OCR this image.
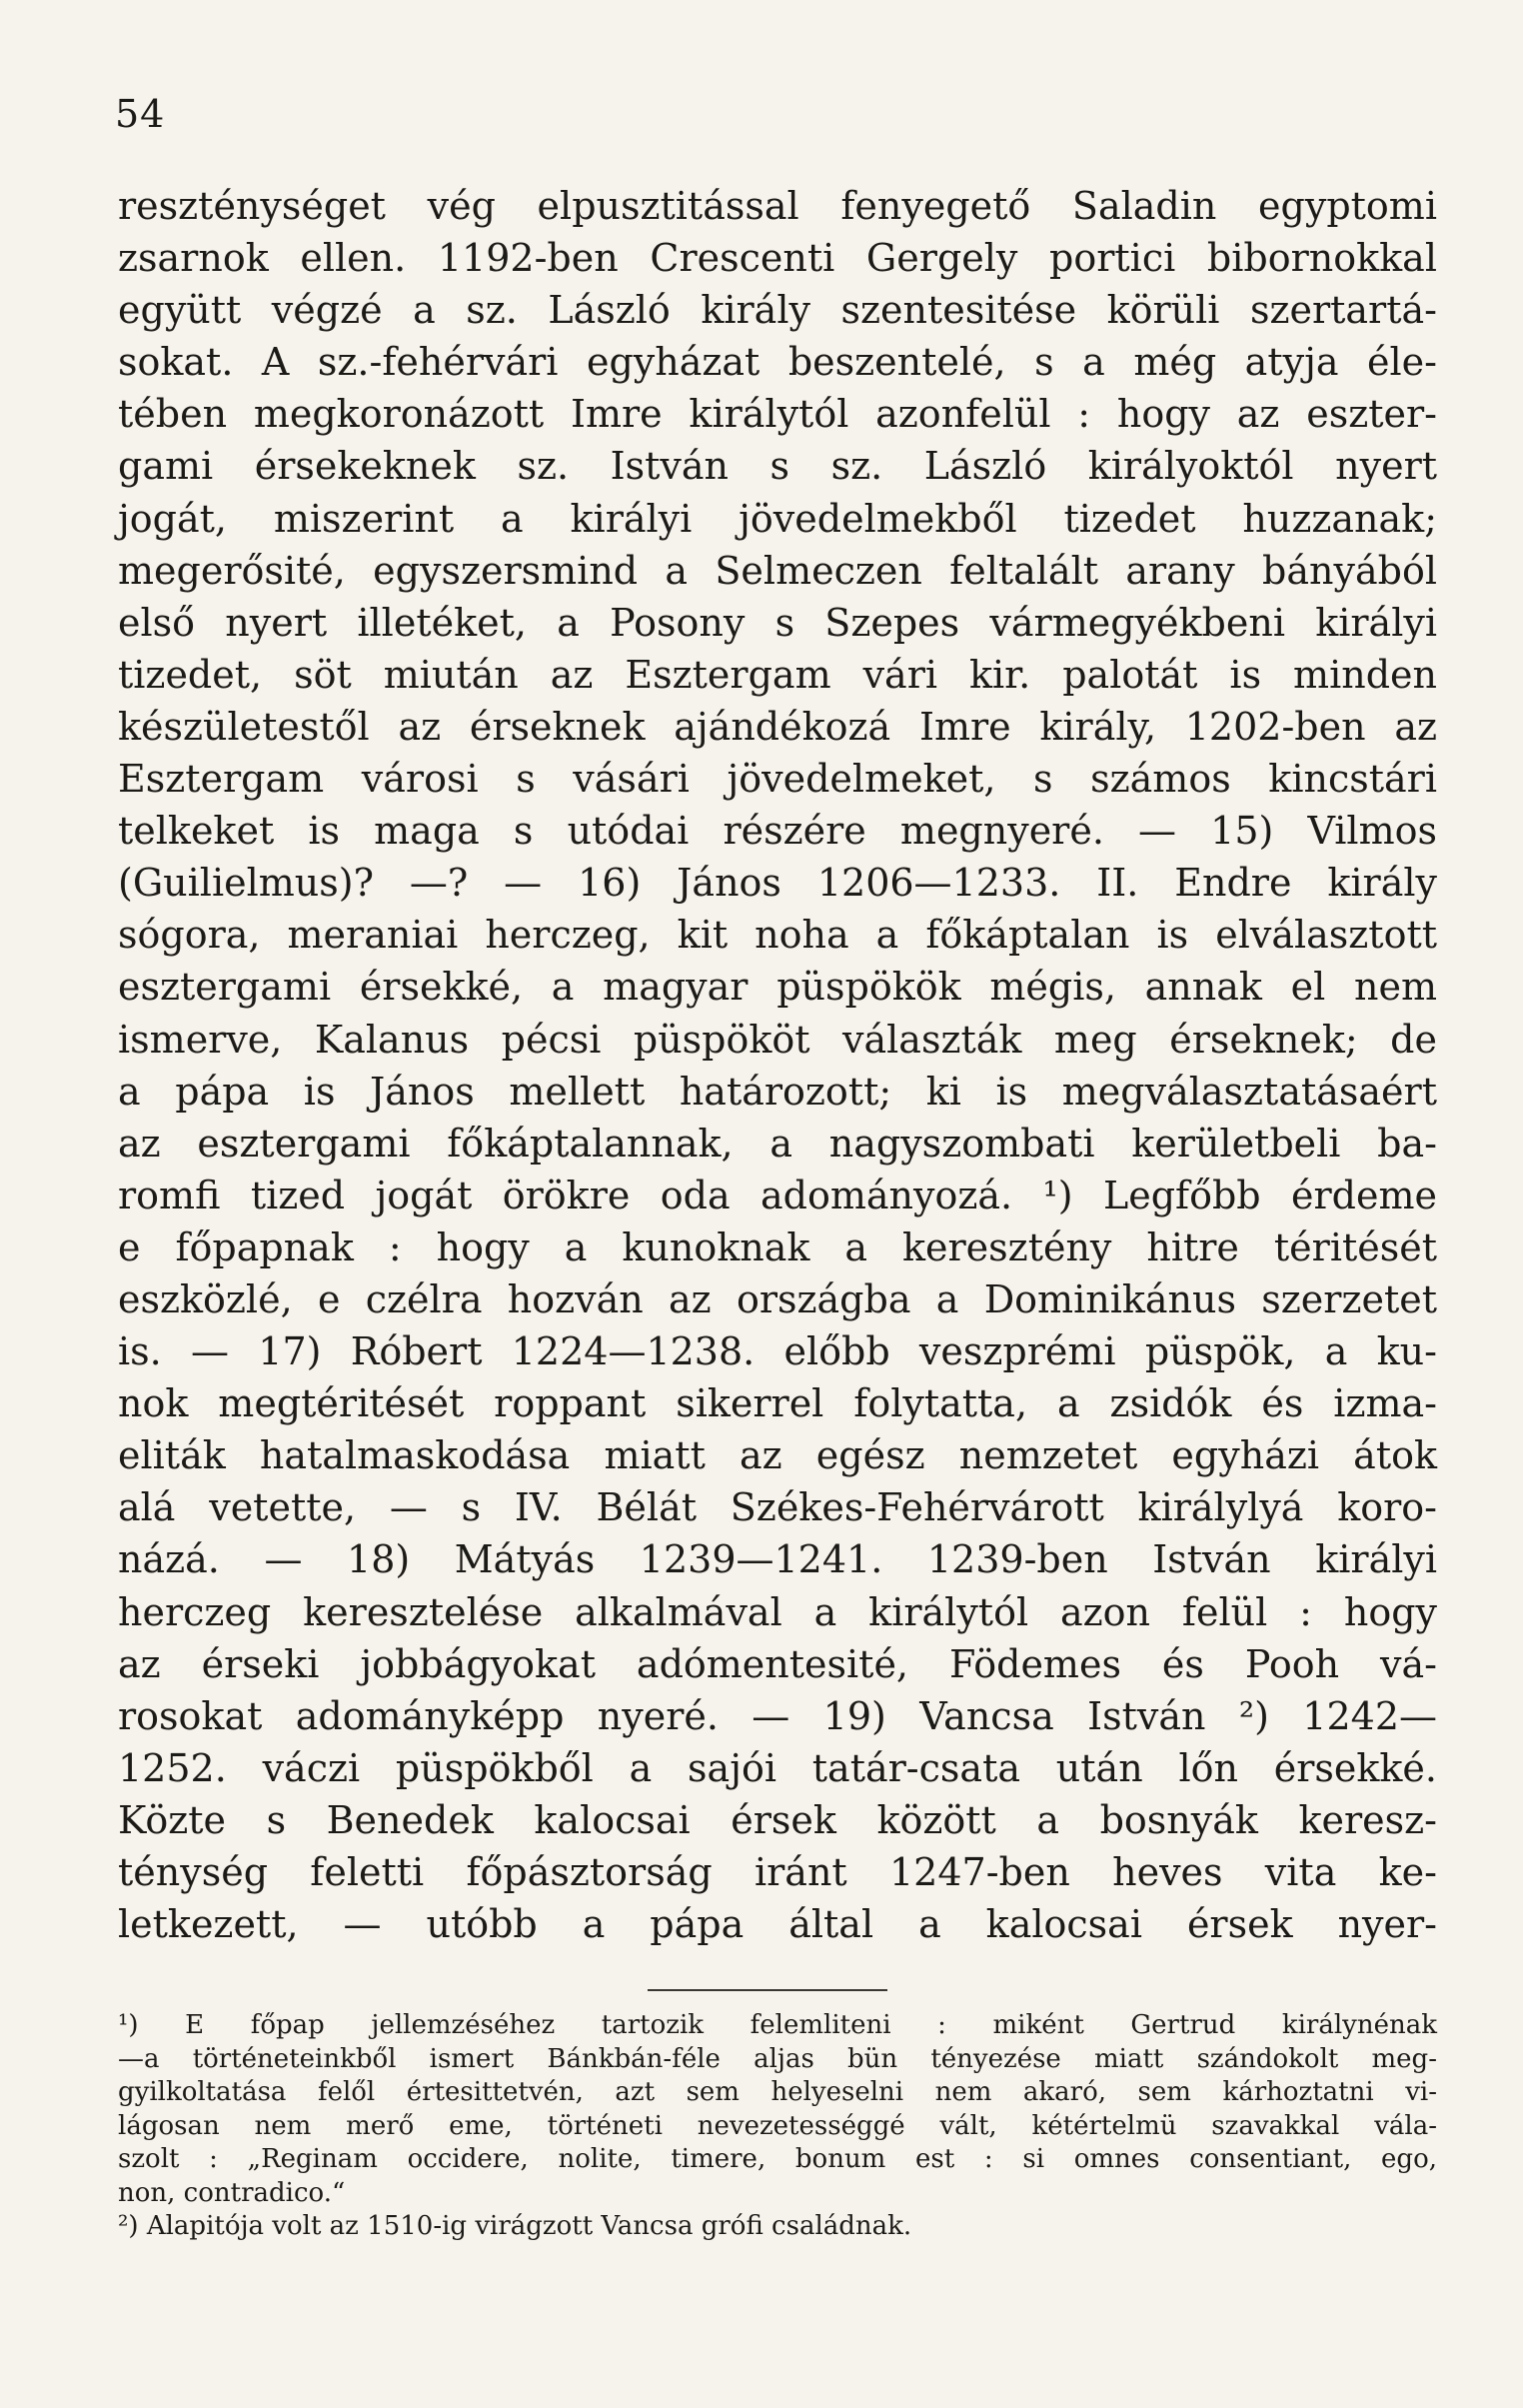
54
reszténységet vég elpusztitással fenyegető Saladin egyptomi
zsarnok ellen. 1192-ben Crescenti Gergely portici bibornokkal
együtt végzé a sz. László király szentesitése körüli szertartá-
sokat. A sz.-fehérvári egyházat beszentelé, s a még atyja éle-
tében megkoronázott Imre királytól azonfelül : hogy az eszter-
gami érsekeknek sz. István s sz. László királyoktól nyert
jogát, miszerint a királyi jövedelmekből tizedet huzzanak;
megerősité, egyszersmind a Selmeczen feltalált arany bányából
első nyert illetéket, a Posony s Szepes vármegyékbeni királyi
tizedet, söt miután az Esztergam vári kir. palotát is minden
készületestől az érseknek ajándékozá Imre király, 1202-ben az
Esztergam városi s vásári jövedelmeket, s számos kincstári
telkeket is maga s utódai részére megnyeré. — 15) Vilmos
(Guilielmus)? —? — 16) János 1206—1233. II. Endre király
sógora, meraniai herczeg, kit noha a főkáptalan is elválasztott
esztergami érsekké, a magyar püspökök mégis, annak el nem
ismerve, Kalanus pécsi püspököt választák meg érseknek; de
a pápa is János mellett határozott; ki is megválasztatásaért
az esztergami főkáptalannak, a nagyszombati kerületbeli ba-
romfi tized jogát örökre oda adományozá. ¹) Legfőbb érdeme
e főpapnak : hogy a kunoknak a keresztény hitre téritését
eszközlé, e czélra hozván az országba a Dominikánus szerzetet
is. — 17) Róbert 1224—1238. előbb veszprémi püspök, a ku-
nok megtéritését roppant sikerrel folytatta, a zsidók és izma-
eliták hatalmaskodása miatt az egész nemzetet egyházi átok
alá vetette, — s IV. Bélát Székes-Fehérvárott királylyá koro-
názá. — 18) Mátyás 1239—1241. 1239-ben István királyi
herczeg keresztelése alkalmával a királytól azon felül : hogy
az érseki jobbágyokat adómentesité, Födemes és Pooh vá-
rosokat adományképp nyeré. — 19) Vancsa István ²) 1242—
1252. váczi püspökből a sajói tatár-csata után lőn érsekké.
Közte s Benedek kalocsai érsek között a bosnyák keresz-
ténység feletti főpásztorság iránt 1247-ben heves vita ke-
letkezett, — utóbb a pápa által a kalocsai érsek nyer-
¹) E főpap jellemzéséhez tartozik felemliteni : miként Gertrud királynénak
—a történeteinkből ismert Bánkbán-féle aljas bün tényezése miatt szándokolt meg-
gyilkoltatása felől értesittetvén, azt sem helyeselni nem akaró, sem kárhoztatni vi-
lágosan nem merő eme, történeti nevezetességgé vált, kétértelmü szavakkal vála-
szolt : „Reginam occidere, nolite, timere, bonum est : si omnes consentiant, ego,
non, contradico.“
²) Alapitója volt az 1510-ig virágzott Vancsa grófi családnak.
